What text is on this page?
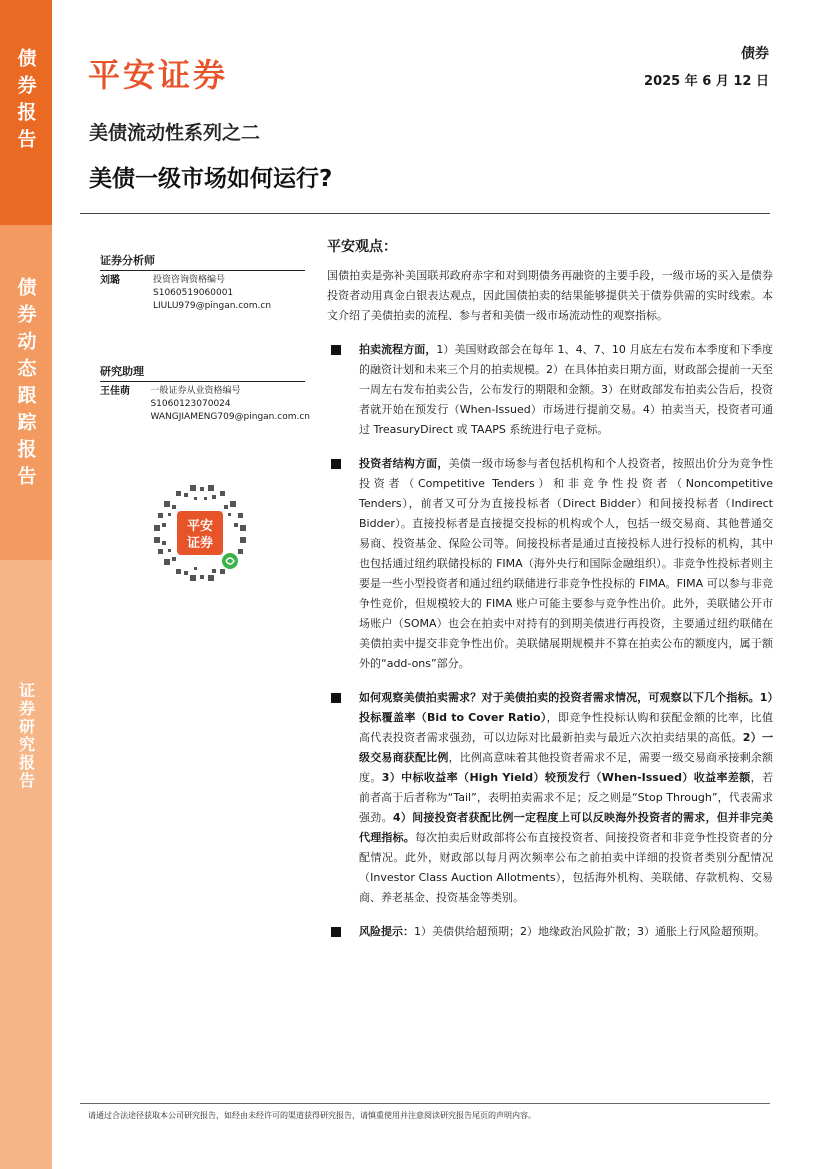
债券报告
债券动态跟踪报告
证券研究报告
平安证券
债券
2025 年 6 月 12 日
美债流动性系列之二
美债一级市场如何运行?
证券分析师
刘璐	投资咨询资格编号
S1060519060001
LIULU979@pingan.com.cn
研究助理
王佳萌	一般证券从业资格编号
S1060123070024
WANGJIAMENG709@pingan.com.cn
平安
证券
平安观点：
国债拍卖是弥补美国联邦政府赤字和对到期债务再融资的主要手段，一级市场的买入是债券投资者动用真金白银表达观点，因此国债拍卖的结果能够提供关于债券供需的实时线索。本文介绍了美债拍卖的流程、参与者和美债一级市场流动性的观察指标。
拍卖流程方面，1）美国财政部会在每年 1、4、7、10 月底左右发布本季度和下季度的融资计划和未来三个月的拍卖规模。2）在具体拍卖日期方面，财政部会提前一天至一周左右发布拍卖公告，公布发行的期限和金额。3）在财政部发布拍卖公告后，投资者就开始在预发行（When-Issued）市场进行提前交易。4）拍卖当天，投资者可通过 TreasuryDirect 或 TAAPS 系统进行电子竞标。
投资者结构方面，美债一级市场参与者包括机构和个人投资者，按照出价分为竞争性投资者（Competitive Tenders）和非竞争性投资者（Noncompetitive Tenders），前者又可分为直接投标者（Direct Bidder）和间接投标者（Indirect Bidder）。直接投标者是直接提交投标的机构或个人，包括一级交易商、其他普通交易商、投资基金、保险公司等。间接投标者是通过直接投标人进行投标的机构，其中也包括通过纽约联储投标的 FIMA（海外央行和国际金融组织）。非竞争性投标者则主要是一些小型投资者和通过纽约联储进行非竞争性投标的 FIMA。FIMA 可以参与非竞争性竞价，但规模较大的 FIMA 账户可能主要参与竞争性出价。此外，美联储公开市场账户（SOMA）也会在拍卖中对持有的到期美债进行再投资，主要通过纽约联储在美债拍卖中提交非竞争性出价。美联储展期规模并不算在拍卖公布的额度内，属于额外的“add-ons”部分。
如何观察美债拍卖需求？对于美债拍卖的投资者需求情况，可观察以下几个指标。1）投标覆盖率（Bid to Cover Ratio），即竞争性投标认购和获配金额的比率，比值高代表投资者需求强劲，可以边际对比最新拍卖与最近六次拍卖结果的高低。2）一级交易商获配比例，比例高意味着其他投资者需求不足，需要一级交易商承接剩余额度。3）中标收益率（High Yield）较预发行（When-Issued）收益率差额，若前者高于后者称为“Tail”，表明拍卖需求不足；反之则是“Stop Through”，代表需求强劲。4）间接投资者获配比例一定程度上可以反映海外投资者的需求，但并非完美代理指标。每次拍卖后财政部将公布直接投资者、间接投资者和非竞争性投资者的分配情况。此外，财政部以每月两次频率公布之前拍卖中详细的投资者类别分配情况（Investor Class Auction Allotments），包括海外机构、美联储、存款机构、交易商、养老基金、投资基金等类别。
风险提示：1）美债供给超预期；2）地缘政治风险扩散；3）通胀上行风险超预期。
请通过合法途径获取本公司研究报告，如经由未经许可的渠道获得研究报告，请慎重使用并注意阅读研究报告尾页的声明内容。
